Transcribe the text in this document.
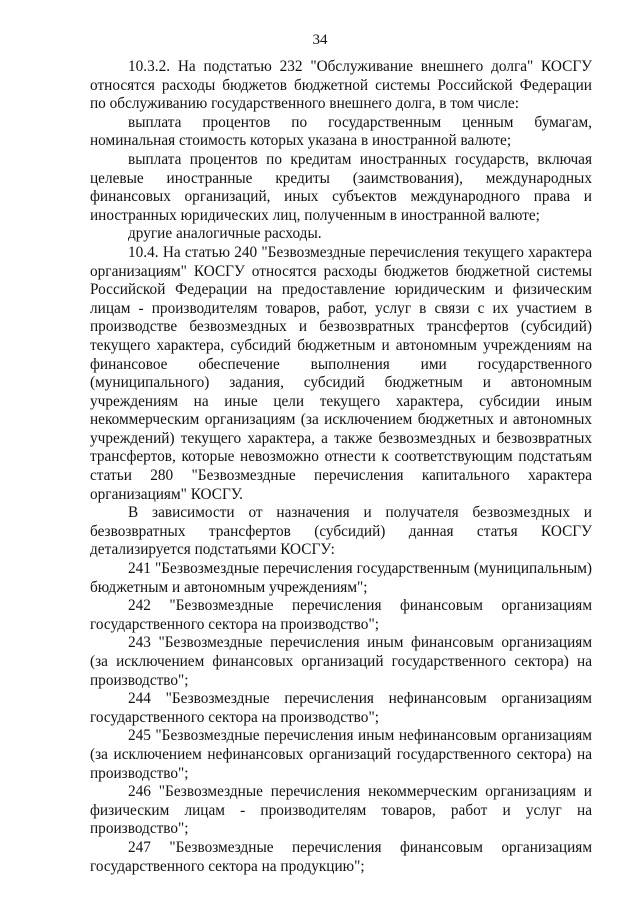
34

10.3.2. На подстатью 232 "Обслуживание внешнего долга" КОСГУ относятся расходы бюджетов бюджетной системы Российской Федерации по обслуживанию государственного внешнего долга, в том числе:

выплата процентов по государственным ценным бумагам, номинальная стоимость которых указана в иностранной валюте;

выплата процентов по кредитам иностранных государств, включая целевые иностранные кредиты (заимствования), международных финансовых организаций, иных субъектов международного права и иностранных юридических лиц, полученным в иностранной валюте;

другие аналогичные расходы.

10.4. На статью 240 "Безвозмездные перечисления текущего характера организациям" КОСГУ относятся расходы бюджетов бюджетной системы Российской Федерации на предоставление юридическим и физическим лицам - производителям товаров, работ, услуг в связи с их участием в производстве безвозмездных и безвозвратных трансфертов (субсидий) текущего характера, субсидий бюджетным и автономным учреждениям на финансовое обеспечение выполнения ими государственного (муниципального) задания, субсидий бюджетным и автономным учреждениям на иные цели текущего характера, субсидии иным некоммерческим организациям (за исключением бюджетных и автономных учреждений) текущего характера, а также безвозмездных и безвозвратных трансфертов, которые невозможно отнести к соответствующим подстатьям статьи 280 "Безвозмездные перечисления капитального характера организациям" КОСГУ.

В зависимости от назначения и получателя безвозмездных и безвозвратных трансфертов (субсидий) данная статья КОСГУ детализируется подстатьями КОСГУ:

241 "Безвозмездные перечисления государственным (муниципальным) бюджетным и автономным учреждениям";

242 "Безвозмездные перечисления финансовым организациям государственного сектора на производство";

243 "Безвозмездные перечисления иным финансовым организациям (за исключением финансовых организаций государственного сектора) на производство";

244 "Безвозмездные перечисления нефинансовым организациям государственного сектора на производство";

245 "Безвозмездные перечисления иным нефинансовым организациям (за исключением нефинансовых организаций государственного сектора) на производство";

246 "Безвозмездные перечисления некоммерческим организациям и физическим лицам - производителям товаров, работ и услуг на производство";

247 "Безвозмездные перечисления финансовым организациям государственного сектора на продукцию";
